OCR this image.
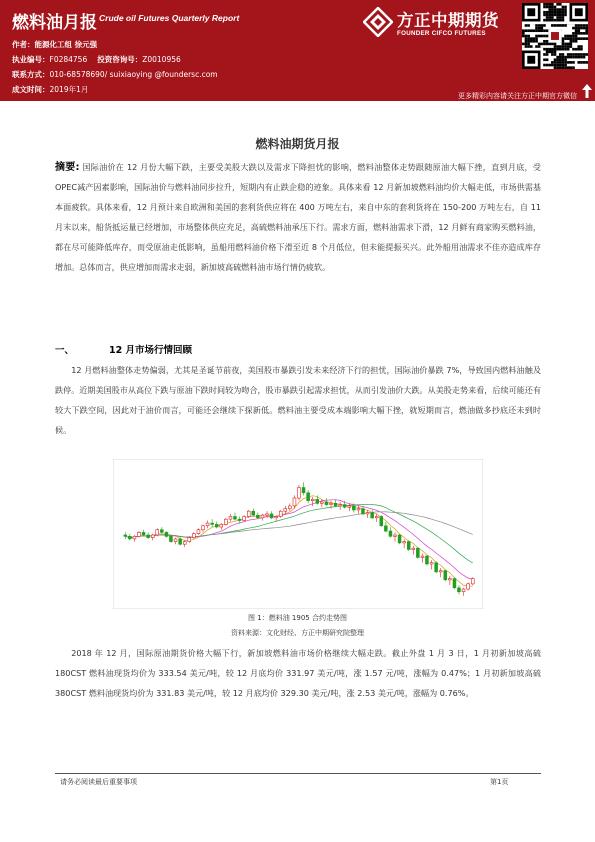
燃料油月报 Crude oil Futures Quarterly Report
作者：能源化工组 徐元强
执业编号：F0284756 投资咨询号：Z0010956
联系方式：010-68578690/ suixiaoying @foundersc.com
成文时间：2019年1月
方正中期期货
FOUNDER CIFCO FUTURES
更多精彩内容请关注方正中期官方微信
燃料油期货月报
摘要: 国际油价在 12 月份大幅下跌，主要受美股大跌以及需求下降担忧的影响，燃料油整体走势跟随原油大幅下挫，直到月底，受 OPEC减产因素影响，国际油价与燃料油同步拉升，短期内有止跌企稳的迹象。具体来看 12 月新加坡燃料油均价大幅走低，市场供需基本面疲软。具体来看，12 月预计来自欧洲和美国的套利货供应将在 400 万吨左右，来自中东的套利货将在 150-200 万吨左右，自 11 月末以来，船货抵运量已经增加，市场整体供应充足，高硫燃料油承压下行。需求方面，燃料油需求下滑，12 月鲜有商家购买燃料油，都在尽可能降低库存，而受原油走低影响，虽船用燃料油价格下滑至近 8 个月低位，但未能提振买兴。此外船用油需求不佳亦造成库存增加。总体而言，供应增加而需求走弱，新加坡高硫燃料油市场行情仍疲软。
一、	12 月市场行情回顾
12 月燃料油整体走势偏弱，尤其是圣诞节前夜，美国股市暴跌引发未来经济下行的担忧，国际油价暴跌 7%，导致国内燃料油触及跌停。近期美国股市从高位下跌与原油下跌时间较为吻合，股市暴跌引起需求担忧，从而引发油价大跌。从美股走势来看，后续可能还有较大下跌空间，因此对于油价而言，可能还会继续下探新低。燃料油主要受成本端影响大幅下挫，就短期而言，燃油做多抄底还未到时候。
图 1：燃料油 1905 合约走势图
资料来源：文化财经、方正中期研究院整理
2018 年 12 月，国际原油期货价格大幅下行，新加坡燃料油市场价格继续大幅走跌。截止外盘 1 月 3 日，1 月初新加坡高硫 180CST 燃料油现货均价为 333.54 美元/吨，较 12 月底均价 331.97 美元/吨，涨 1.57 元/吨，涨幅为 0.47%；1 月初新加坡高硫 380CST 燃料油现货均价为 331.83 美元/吨，较 12 月底均价 329.30 美元/吨，涨 2.53 美元/吨，涨幅为 0.76%。
请务必阅读最后重要事项	第1页
